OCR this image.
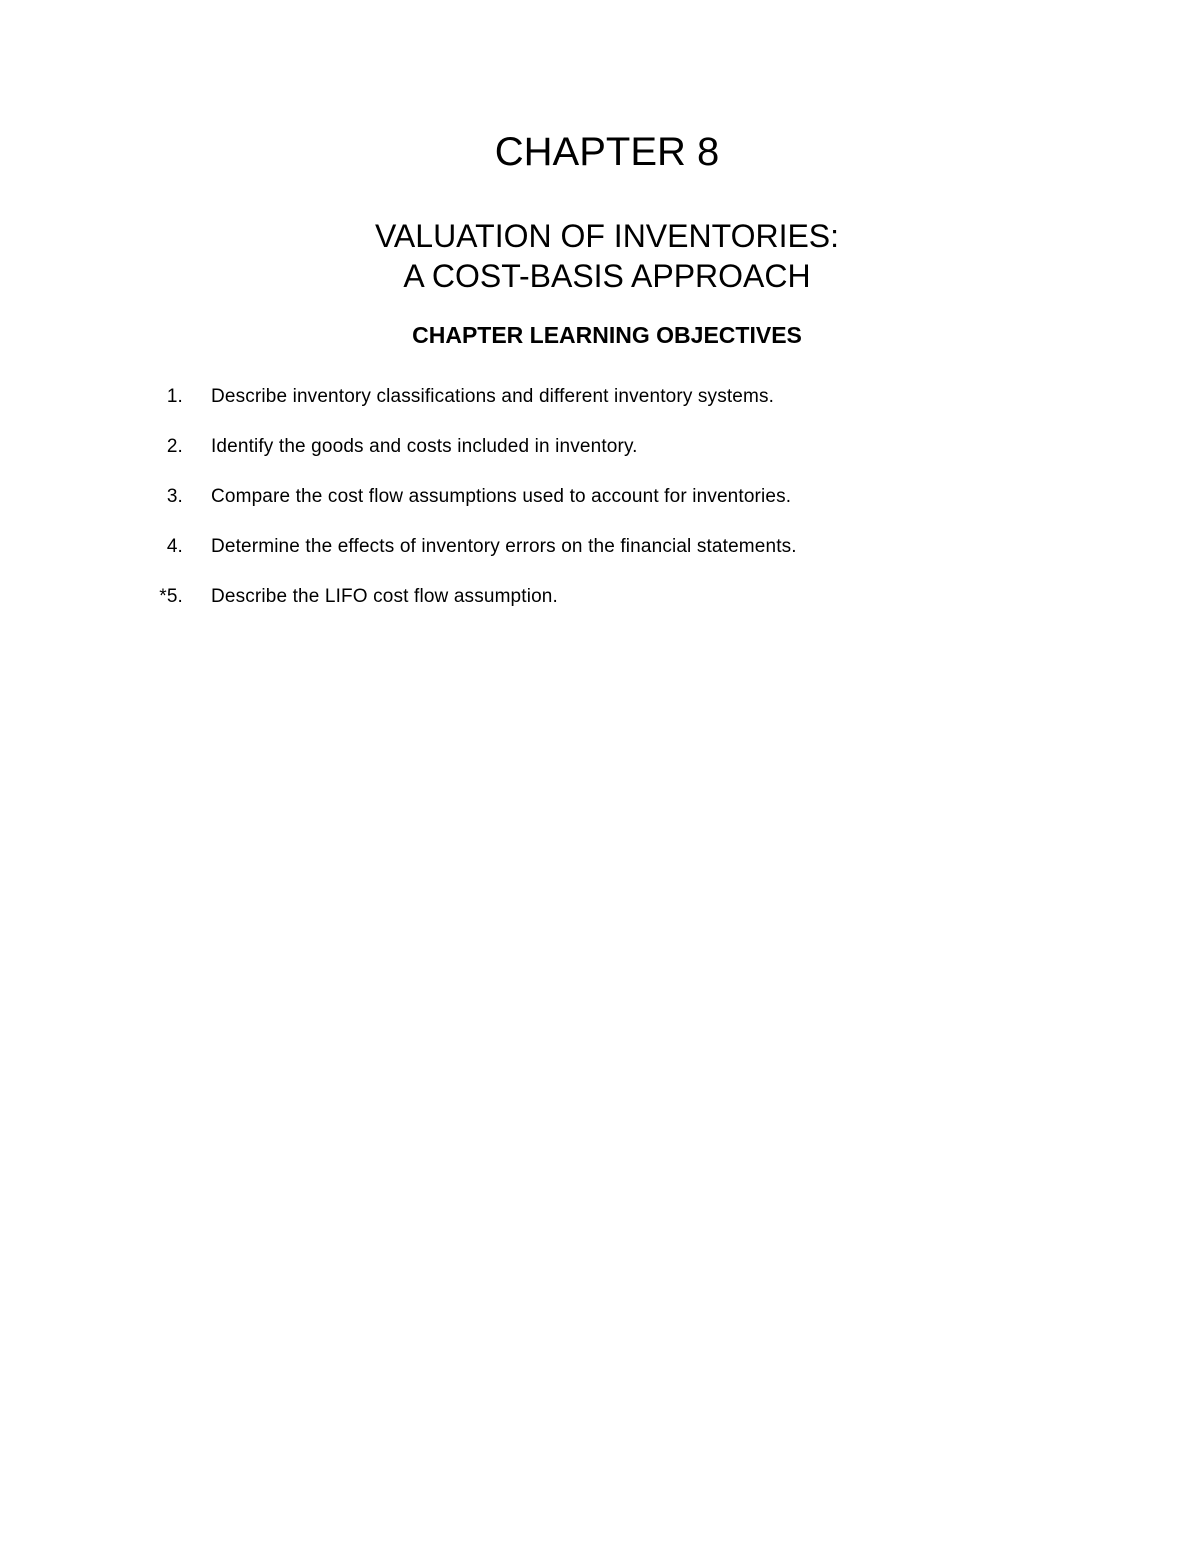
CHAPTER 8
VALUATION OF INVENTORIES:
A COST-BASIS APPROACH
CHAPTER LEARNING OBJECTIVES
1. Describe inventory classifications and different inventory systems.
2. Identify the goods and costs included in inventory.
3. Compare the cost flow assumptions used to account for inventories.
4. Determine the effects of inventory errors on the financial statements.
*5. Describe the LIFO cost flow assumption.
